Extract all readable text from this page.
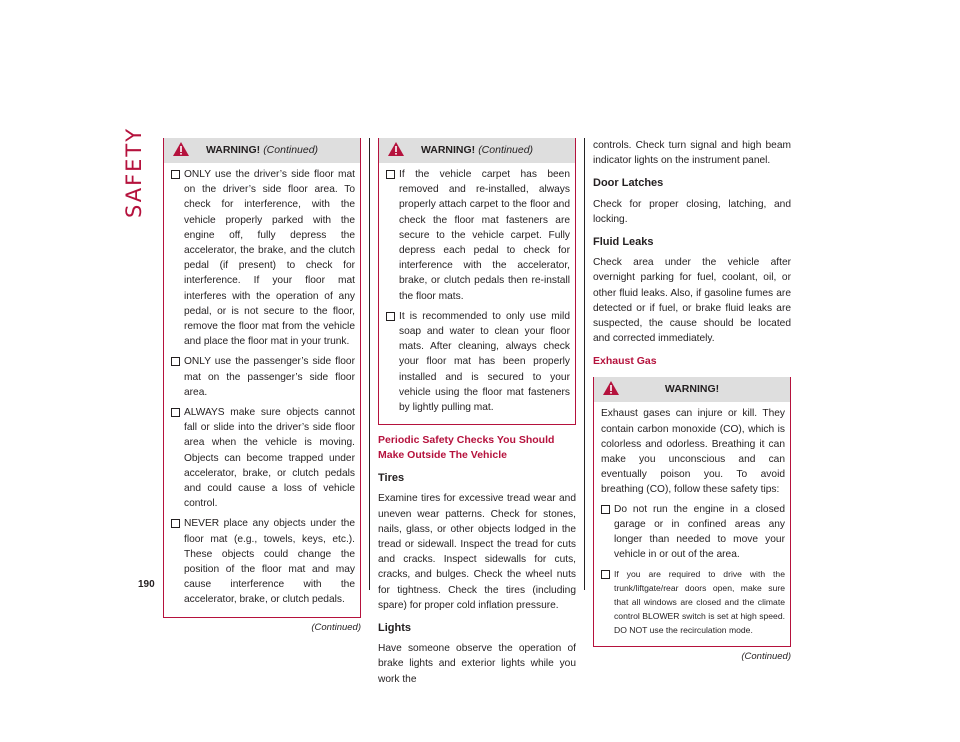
SAFETY
190
WARNING! (Continued)
ONLY use the driver’s side floor mat on the driver’s side floor area. To check for interference, with the vehicle properly parked with the engine off, fully depress the accelerator, the brake, and the clutch pedal (if present) to check for interference. If your floor mat interferes with the operation of any pedal, or is not secure to the floor, remove the floor mat from the vehicle and place the floor mat in your trunk.
ONLY use the passenger’s side floor mat on the passenger’s side floor area.
ALWAYS make sure objects cannot fall or slide into the driver’s side floor area when the vehicle is moving. Objects can become trapped under accelerator, brake, or clutch pedals and could cause a loss of vehicle control.
NEVER place any objects under the floor mat (e.g., towels, keys, etc.). These objects could change the position of the floor mat and may cause interference with the accelerator, brake, or clutch pedals.
(Continued)
WARNING! (Continued)
If the vehicle carpet has been removed and re-installed, always properly attach carpet to the floor and check the floor mat fasteners are secure to the vehicle carpet. Fully depress each pedal to check for interference with the accelerator, brake, or clutch pedals then re-install the floor mats.
It is recommended to only use mild soap and water to clean your floor mats. After cleaning, always check your floor mat has been properly installed and is secured to your vehicle using the floor mat fasteners by lightly pulling mat.
Periodic Safety Checks You Should Make Outside The Vehicle
Tires

Examine tires for excessive tread wear and uneven wear patterns. Check for stones, nails, glass, or other objects lodged in the tread or sidewall. Inspect the tread for cuts and cracks. Inspect sidewalls for cuts, cracks, and bulges. Check the wheel nuts for tightness. Check the tires (including spare) for proper cold inflation pressure.

Lights

Have someone observe the operation of brake lights and exterior lights while you work the

controls. Check turn signal and high beam indicator lights on the instrument panel.

Door Latches

Check for proper closing, latching, and locking.

Fluid Leaks

Check area under the vehicle after overnight parking for fuel, coolant, oil, or other fluid leaks. Also, if gasoline fumes are detected or if fuel, or brake fluid leaks are suspected, the cause should be located and corrected immediately.

Exhaust Gas
WARNING!
Exhaust gases can injure or kill. They contain carbon monoxide (CO), which is colorless and odorless. Breathing it can make you unconscious and can eventually poison you. To avoid breathing (CO), follow these safety tips:
Do not run the engine in a closed garage or in confined areas any longer than needed to move your vehicle in or out of the area.
If you are required to drive with the trunk/liftgate/rear doors open, make sure that all windows are closed and the climate control BLOWER switch is set at high speed. DO NOT use the recirculation mode.
(Continued)
